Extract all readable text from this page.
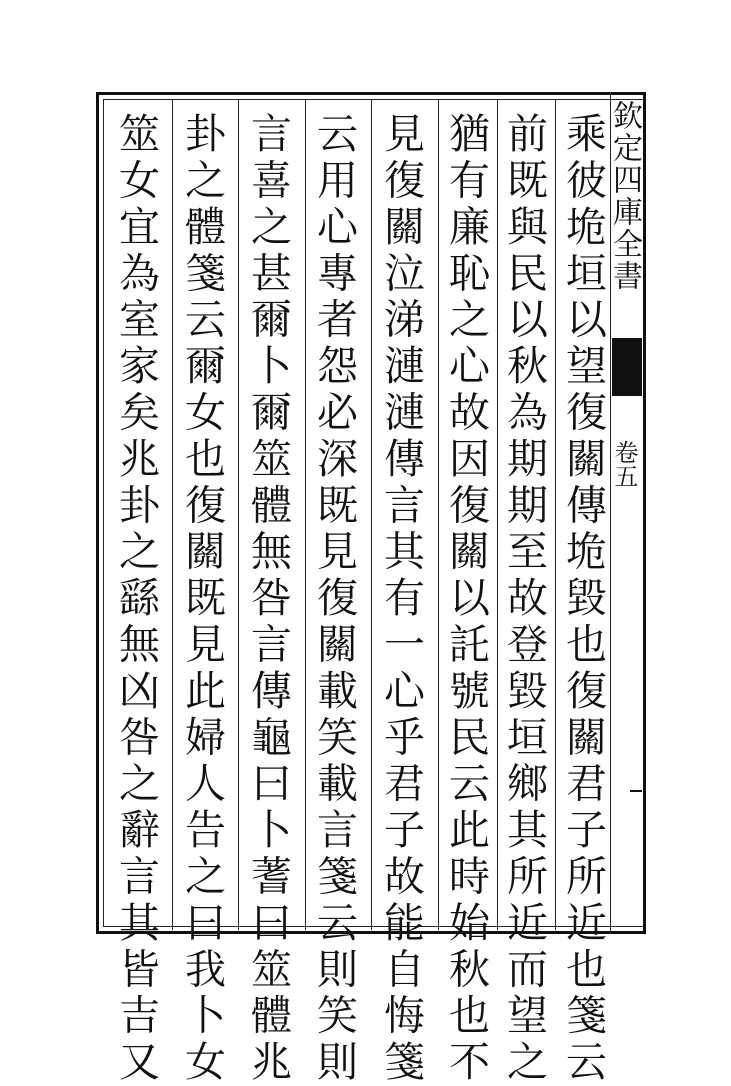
欽定四庫全書
卷五
乘彼垝垣以望復關傳垝毀也復關君子所近也箋云
前既與民以秋為期期至故登毀垣鄉其所近而望之
猶有廉恥之心故因復關以託號民云此時始秋也不
見復關泣涕漣漣傳言其有一心乎君子故能自悔箋
云用心專者怨必深既見復關載笑載言箋云則笑則
言喜之甚爾卜爾筮體無咎言傳龜曰卜蓍曰筮體兆
卦之體箋云爾女也復關既見此婦人告之曰我卜女
筮女宜為室家矣兆卦之繇無凶咎之辭言其皆吉又
